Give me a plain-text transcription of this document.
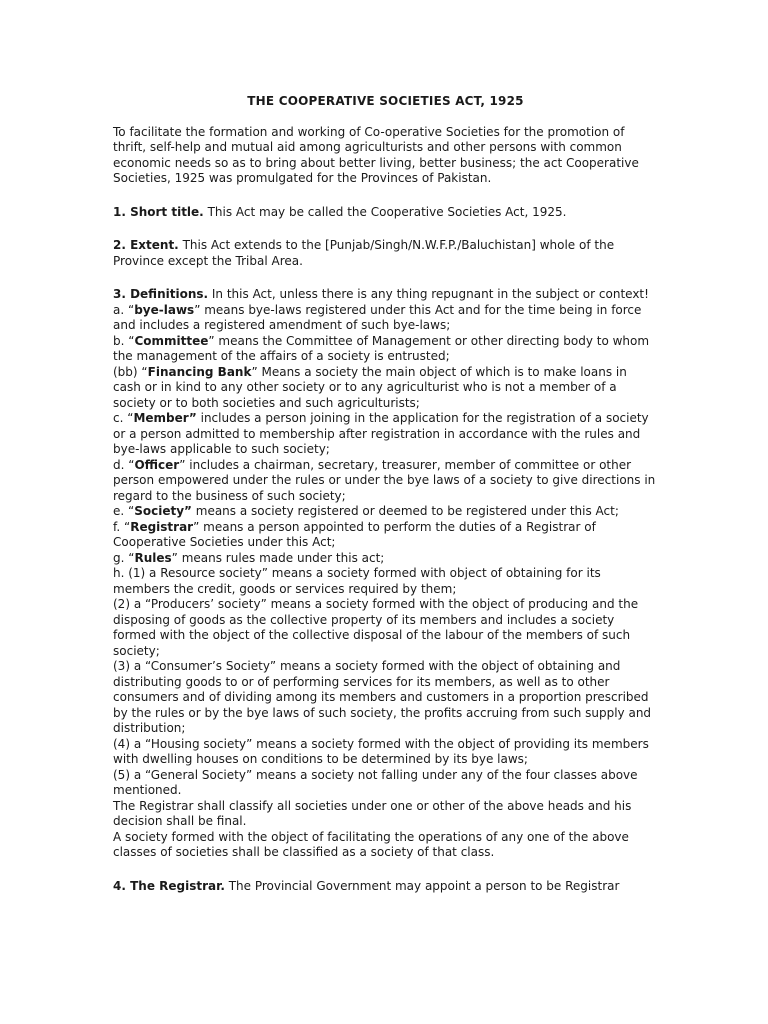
THE COOPERATIVE SOCIETIES ACT, 1925
To facilitate the formation and working of Co-operative Societies for the promotion of thrift, self-help and mutual aid among agriculturists and other persons with common economic needs so as to bring about better living, better business; the act Cooperative Societies, 1925 was promulgated for the Provinces of Pakistan.
1. Short title. This Act may be called the Cooperative Societies Act, 1925.
2. Extent. This Act extends to the [Punjab/Singh/N.W.F.P./Baluchistan] whole of the Province except the Tribal Area.
3. Definitions. In this Act, unless there is any thing repugnant in the subject or context!
a. “bye-laws” means bye-laws registered under this Act and for the time being in force and includes a registered amendment of such bye-laws;
b. “Committee” means the Committee of Management or other directing body to whom the management of the affairs of a society is entrusted;
(bb) “Financing Bank” Means a society the main object of which is to make loans in cash or in kind to any other society or to any agriculturist who is not a member of a society or to both societies and such agriculturists;
c. “Member” includes a person joining in the application for the registration of a society or a person admitted to membership after registration in accordance with the rules and bye-laws applicable to such society;
d. “Officer” includes a chairman, secretary, treasurer, member of committee or other person empowered under the rules or under the bye laws of a society to give directions in regard to the business of such society;
e. “Society” means a society registered or deemed to be registered under this Act;
f. “Registrar” means a person appointed to perform the duties of a Registrar of Cooperative Societies under this Act;
g. “Rules” means rules made under this act;
h. (1) a Resource society” means a society formed with object of obtaining for its members the credit, goods or services required by them;
(2) a “Producers’ society” means a society formed with the object of producing and the disposing of goods as the collective property of its members and includes a society formed with the object of the collective disposal of the labour of the members of such society;
(3) a “Consumer’s Society” means a society formed with the object of obtaining and distributing goods to or of performing services for its members, as well as to other consumers and of dividing among its members and customers in a proportion prescribed by the rules or by the bye laws of such society, the profits accruing from such supply and distribution;
(4) a “Housing society” means a society formed with the object of providing its members with dwelling houses on conditions to be determined by its bye laws;
(5) a “General Society” means a society not falling under any of the four classes above mentioned.
The Registrar shall classify all societies under one or other of the above heads and his decision shall be final.
A society formed with the object of facilitating the operations of any one of the above classes of societies shall be classified as a society of that class.
4. The Registrar. The Provincial Government may appoint a person to be Registrar
